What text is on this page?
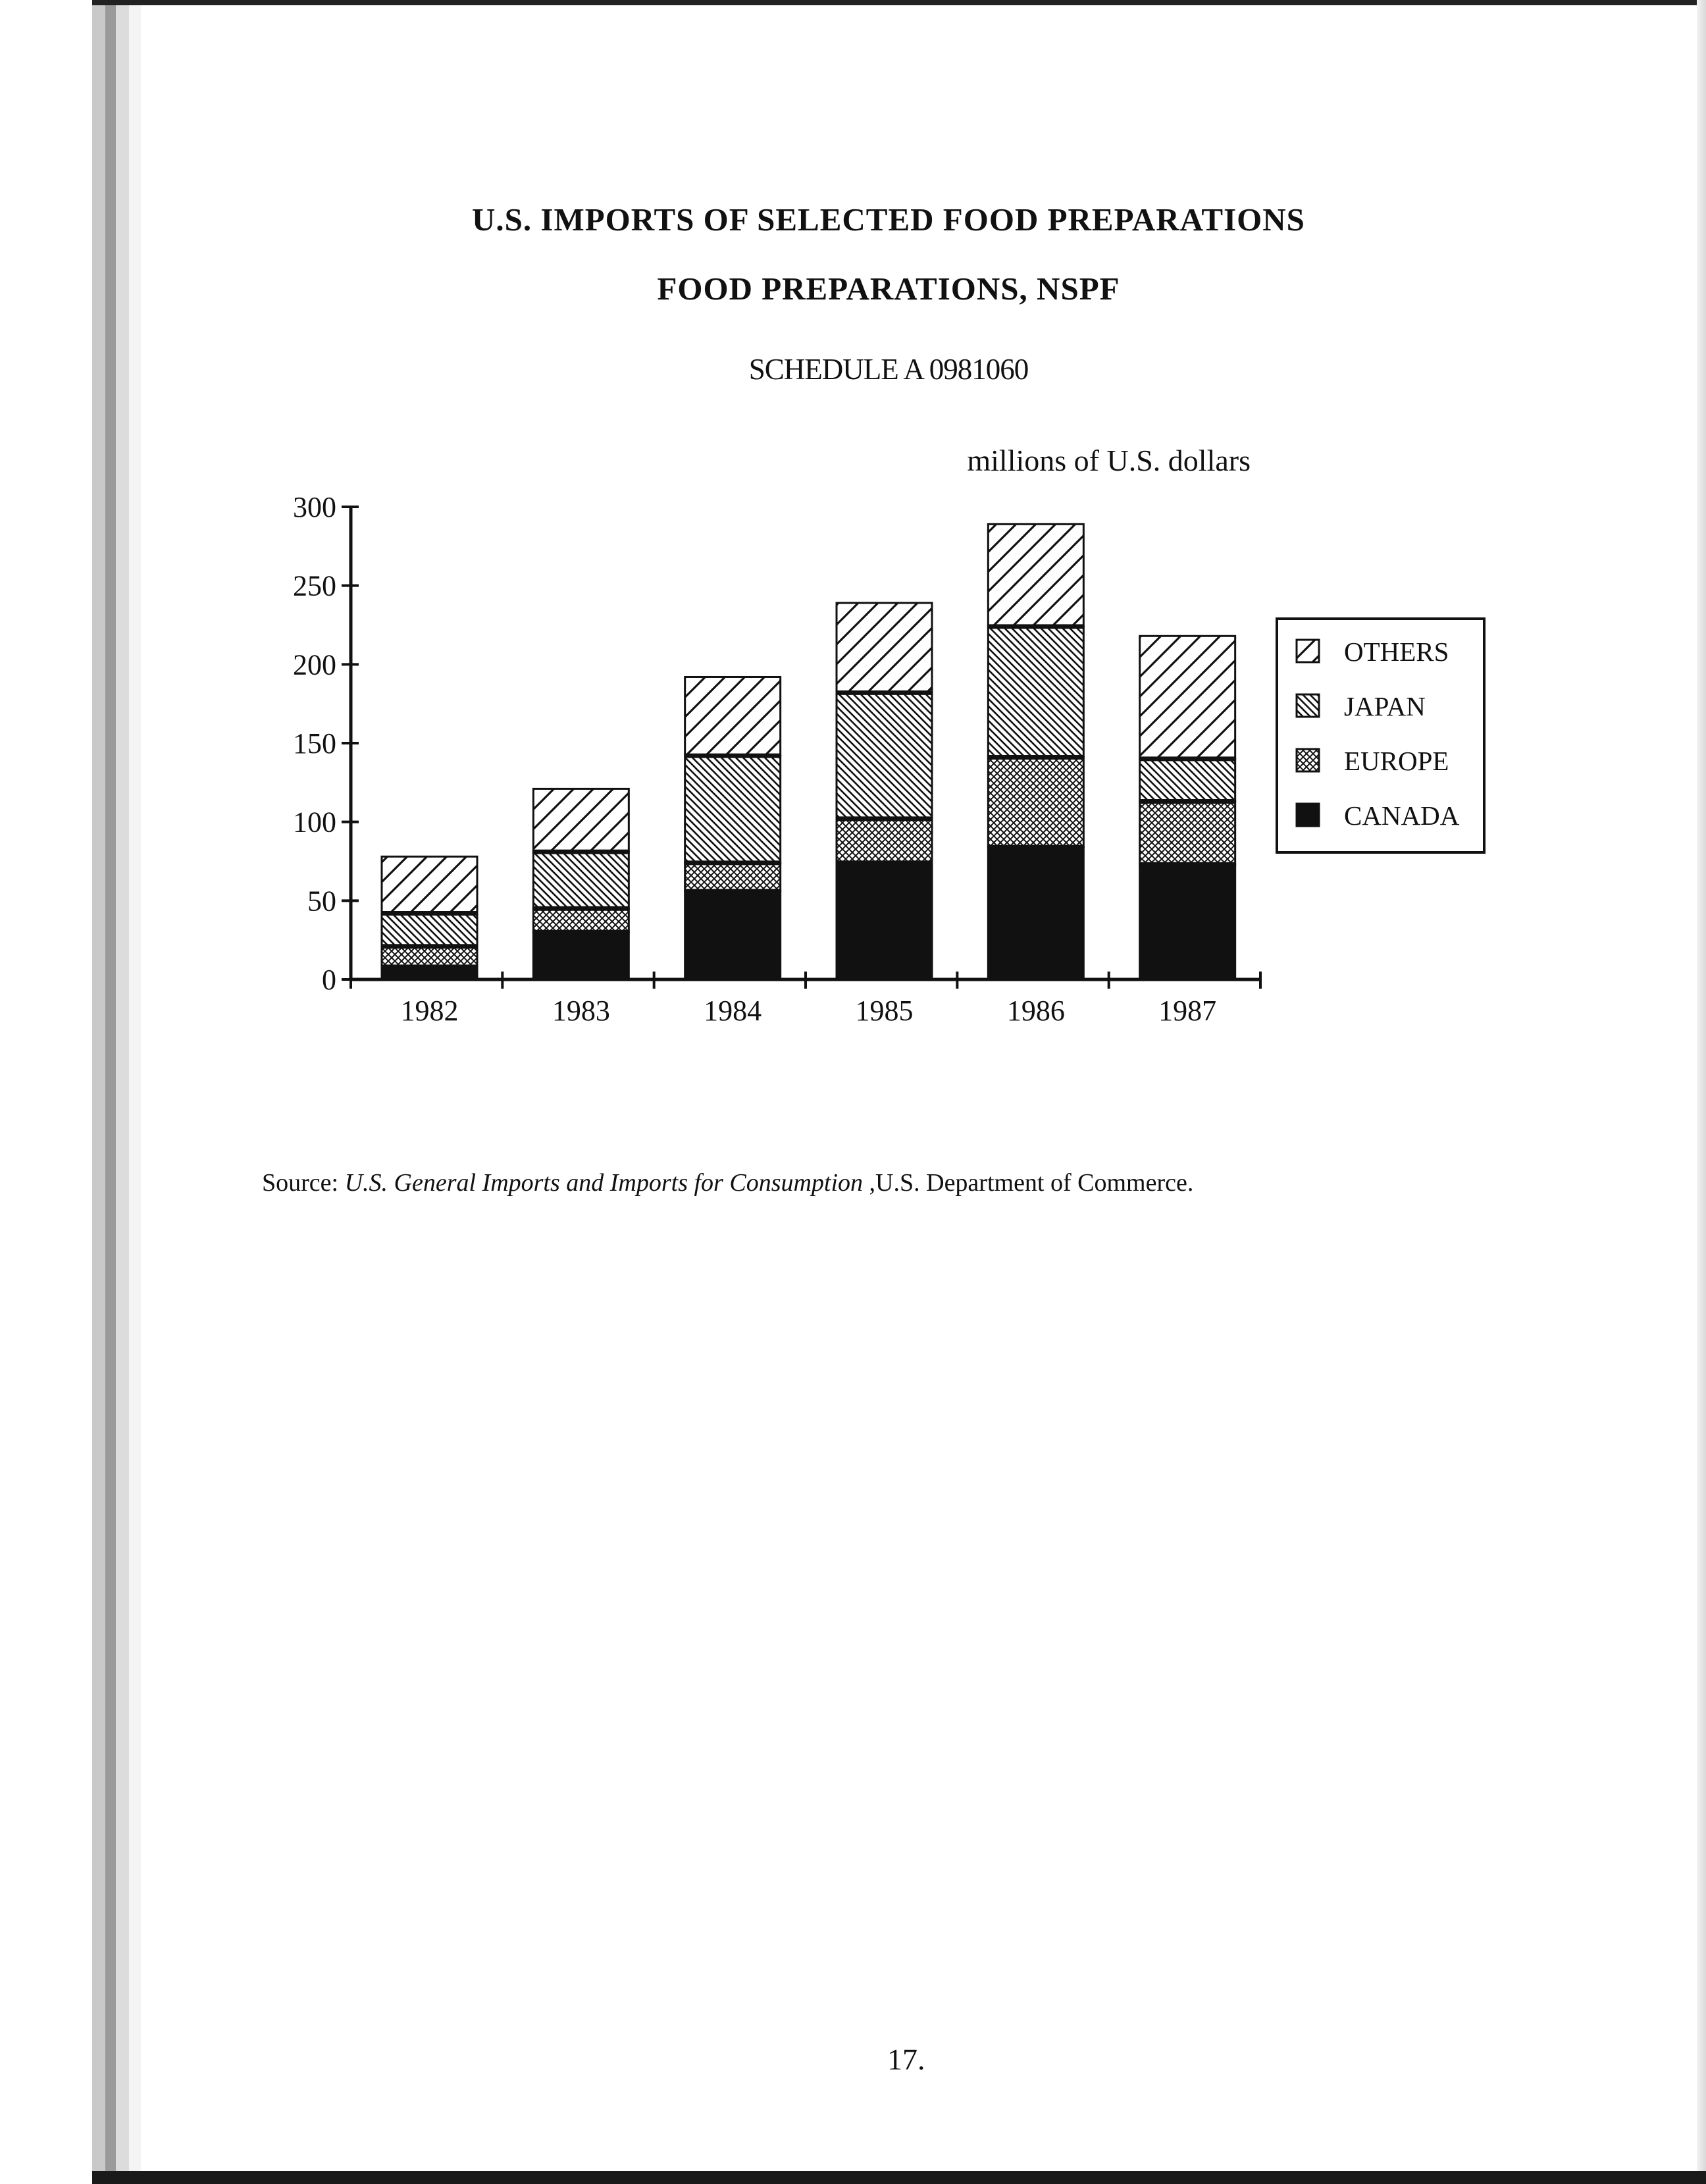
U.S. IMPORTS OF SELECTED FOOD PREPARATIONS
FOOD PREPARATIONS, NSPF
SCHEDULE A 0981060
millions of U.S. dollars
1982	1983	1984	1985	1986	1987
0
50
100
150
200
250
300
OTHERS
JAPAN
EUROPE
CANADA
Source: U.S. General Imports and Imports for Consumption ,U.S. Department of Commerce.
17.
